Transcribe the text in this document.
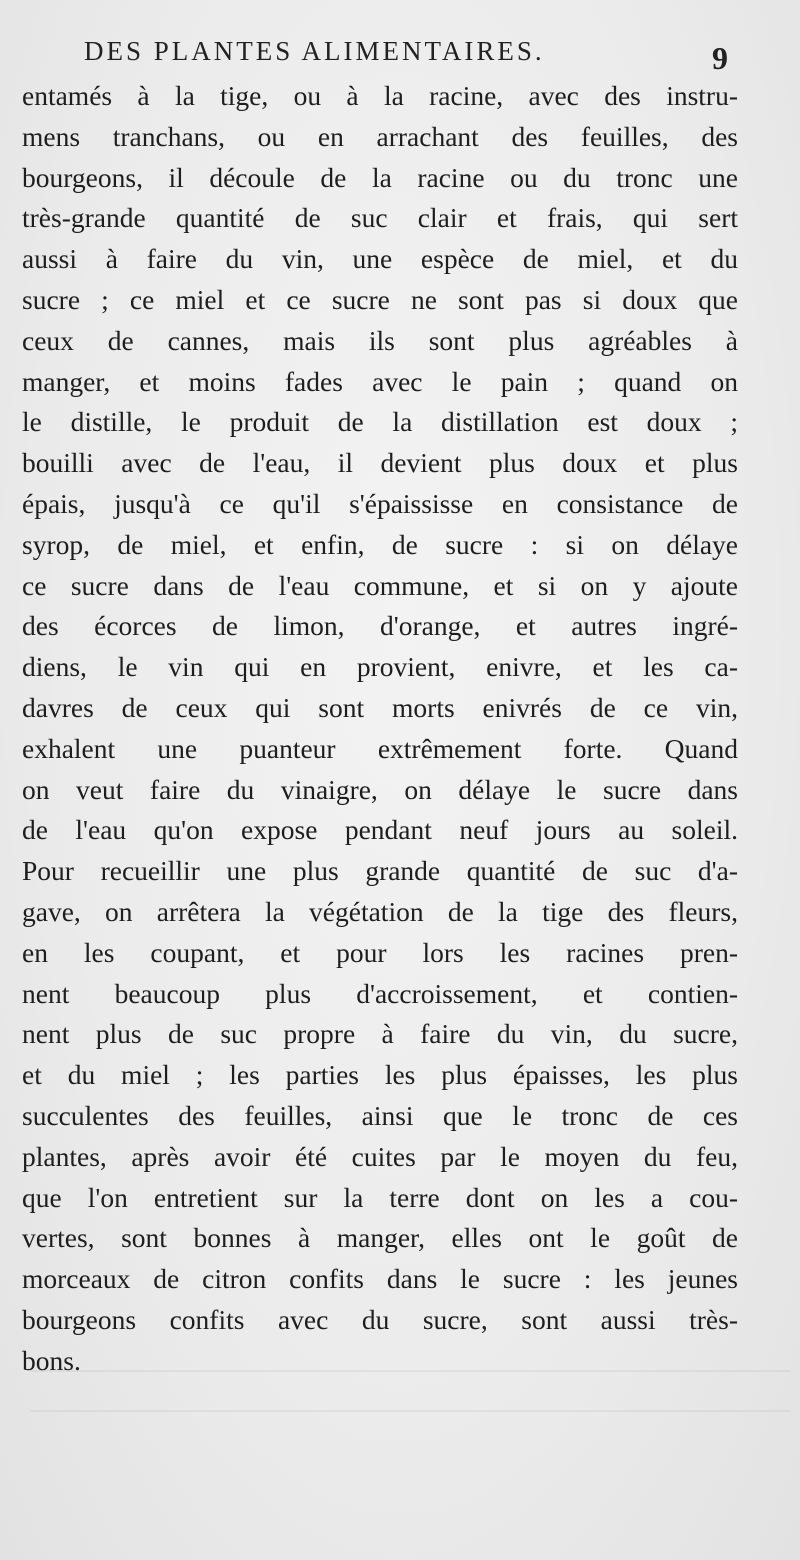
DES PLANTES ALIMENTAIRES.	9
entamés à la tige, ou à la racine, avec des instru-
mens tranchans, ou en arrachant des feuilles, des
bourgeons, il découle de la racine ou du tronc une
très-grande quantité de suc clair et frais, qui sert
aussi à faire du vin, une espèce de miel, et du
sucre ; ce miel et ce sucre ne sont pas si doux que
ceux de cannes, mais ils sont plus agréables à
manger, et moins fades avec le pain ; quand on
le distille, le produit de la distillation est doux ;
bouilli avec de l'eau, il devient plus doux et plus
épais, jusqu'à ce qu'il s'épaississe en consistance de
syrop, de miel, et enfin, de sucre : si on délaye
ce sucre dans de l'eau commune, et si on y ajoute
des écorces de limon, d'orange, et autres ingré-
diens, le vin qui en provient, enivre, et les ca-
davres de ceux qui sont morts enivrés de ce vin,
exhalent une puanteur extrêmement forte. Quand
on veut faire du vinaigre, on délaye le sucre dans
de l'eau qu'on expose pendant neuf jours au soleil.
Pour recueillir une plus grande quantité de suc d'a-
gave, on arrêtera la végétation de la tige des fleurs,
en les coupant, et pour lors les racines pren-
nent beaucoup plus d'accroissement, et contien-
nent plus de suc propre à faire du vin, du sucre,
et du miel ; les parties les plus épaisses, les plus
succulentes des feuilles, ainsi que le tronc de ces
plantes, après avoir été cuites par le moyen du feu,
que l'on entretient sur la terre dont on les a cou-
vertes, sont bonnes à manger, elles ont le goût de
morceaux de citron confits dans le sucre : les jeunes
bourgeons confits avec du sucre, sont aussi très-
bons.
